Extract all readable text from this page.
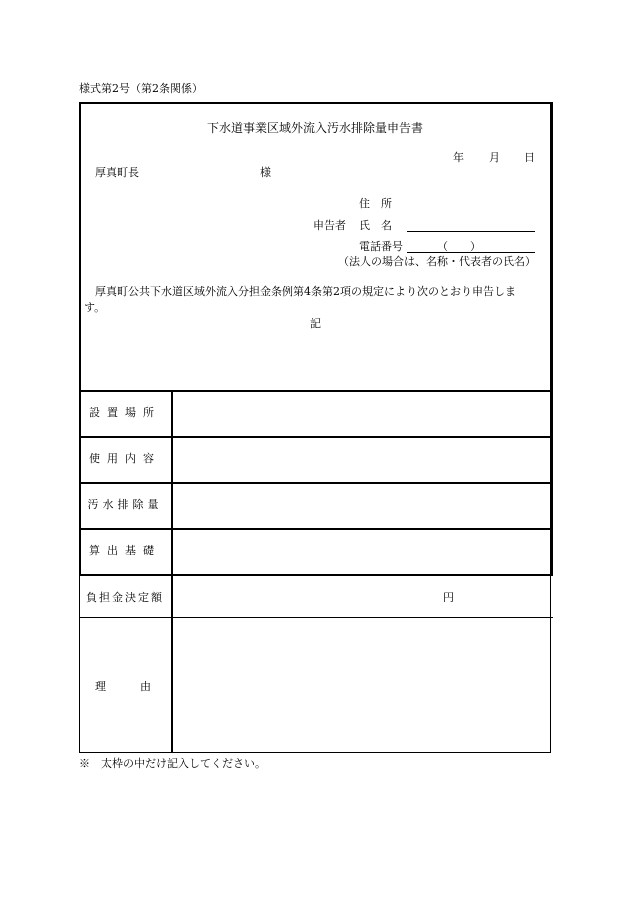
様式第2号（第2条関係）
下水道事業区域外流入汚水排除量申告書
年 月 日
厚真町長	様
住　所
申告者 氏　名
電話番号	（　　）
（法人の場合は、名称・代表者の氏名）
厚真町公共下水道区域外流入分担金条例第4条第2項の規定により次のとおり申告しま
す。
記
設置場所
使用内容
汚水排除量
算出基礎
負担金決定額
理　　由
円
※　太枠の中だけ記入してください。
